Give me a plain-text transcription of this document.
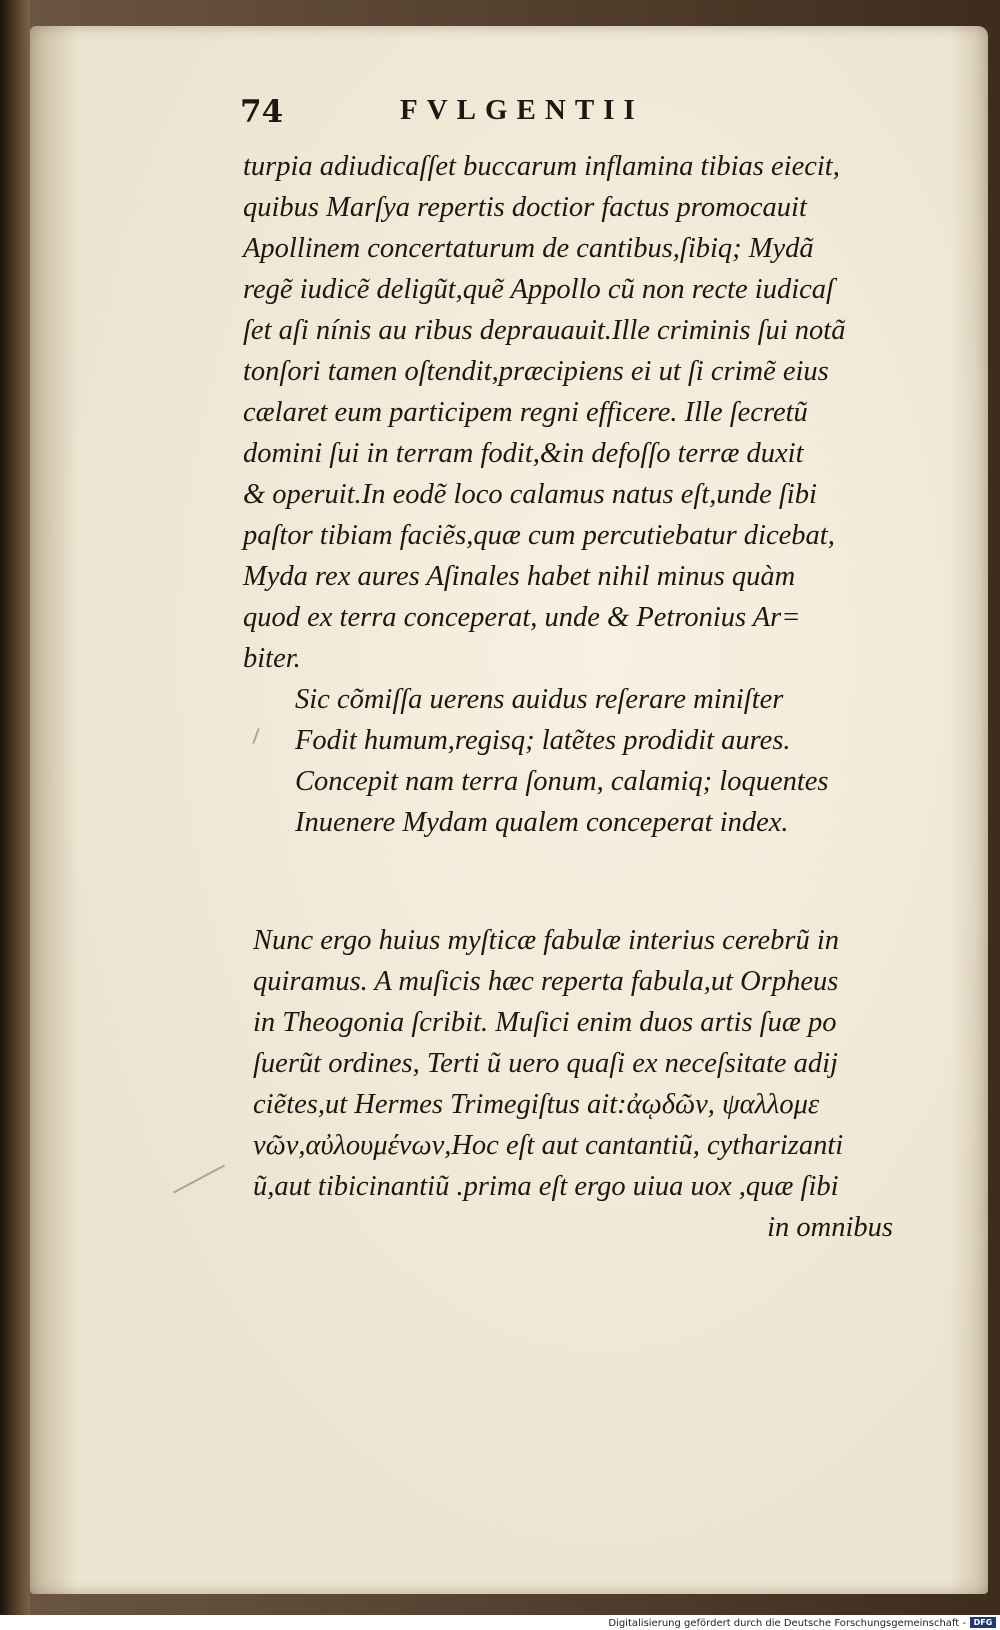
74	FVLGENTII
turpia adiudicaſſet buccarum inflamina tibias eiecit,
quibus Marſya repertis doctior factus promocauit
Apollinem concertaturum de cantibus,ſibiq; Mydã
regẽ iudicẽ deligũt,quẽ Appollo cũ non recte iudicaſ
ſet aſi nínis au ribus deprauauit.Ille criminis ſui notã
tonſori tamen oſtendit,præcipiens ei ut ſi crimẽ eius
cælaret eum participem regni efficere. Ille ſecretũ
domini ſui in terram fodit,&in defoſſo terræ duxit
& operuit.In eodẽ loco calamus natus eſt,unde ſibi
paſtor tibiam faciẽs,quæ cum percutiebatur dicebat,
Myda rex aures Aſinales habet nihil minus quàm
quod ex terra conceperat, unde & Petronius Ar=
biter.
Sic cõmiſſa uerens auidus reſerare miniſter
Fodit humum,regisq; latẽtes prodidit aures.
Concepit nam terra ſonum, calamiq; loquentes
Inuenere Mydam qualem conceperat index.
Nunc ergo huius myſticæ fabulæ interius cerebrũ in
quiramus. A muſicis hæc reperta fabula,ut Orpheus
in Theogonia ſcribit. Muſici enim duos artis ſuæ po
ſuerũt ordines, Terti ũ uero quaſi ex neceſsitate adij
ciẽtes,ut Hermes Trimegiſtus ait:ἀῳδῶν, ψαλλομε
νῶν,αὐλουμένων,Hoc eſt aut cantantiũ, cytharizanti
ũ,aut tibicinantiũ .prima eſt ergo uiua uox ,quæ ſibi
in omnibus
Digitalisierung gefördert durch die Deutsche Forschungsgemeinschaft - DFG
